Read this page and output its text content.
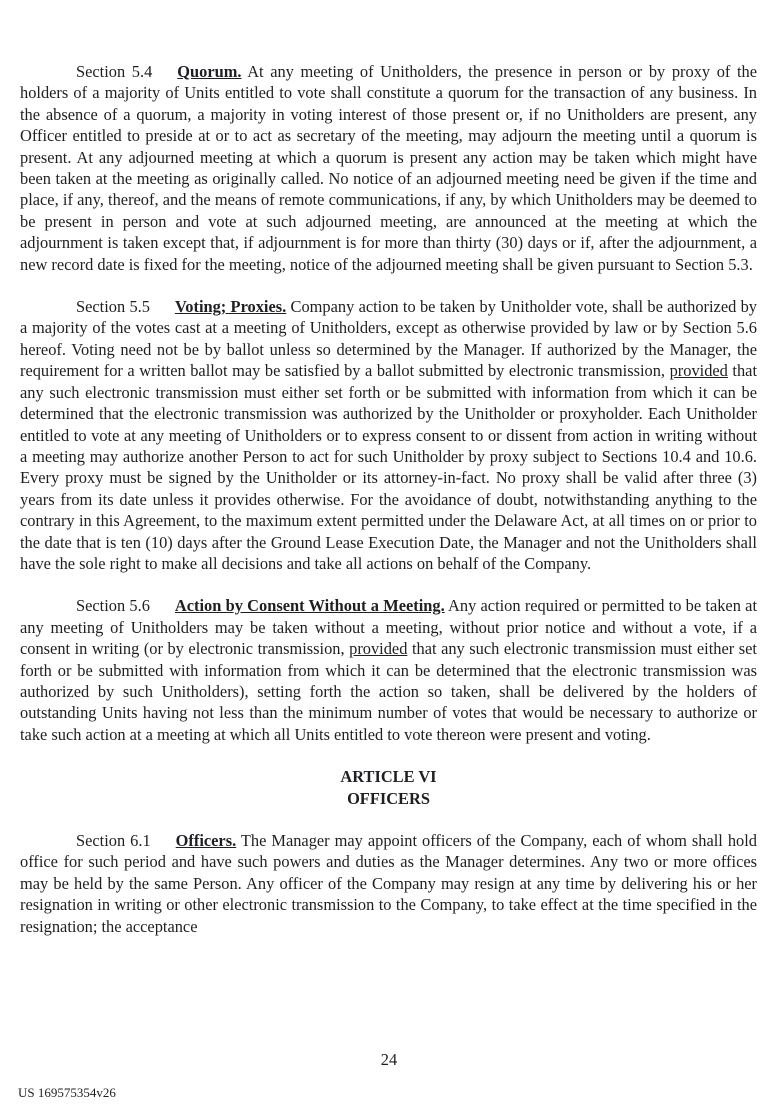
Section 5.4 Quorum. At any meeting of Unitholders, the presence in person or by proxy of the holders of a majority of Units entitled to vote shall constitute a quorum for the transaction of any business. In the absence of a quorum, a majority in voting interest of those present or, if no Unitholders are present, any Officer entitled to preside at or to act as secretary of the meeting, may adjourn the meeting until a quorum is present. At any adjourned meeting at which a quorum is present any action may be taken which might have been taken at the meeting as originally called. No notice of an adjourned meeting need be given if the time and place, if any, thereof, and the means of remote communications, if any, by which Unitholders may be deemed to be present in person and vote at such adjourned meeting, are announced at the meeting at which the adjournment is taken except that, if adjournment is for more than thirty (30) days or if, after the adjournment, a new record date is fixed for the meeting, notice of the adjourned meeting shall be given pursuant to Section 5.3.

Section 5.5 Voting; Proxies. Company action to be taken by Unitholder vote, shall be authorized by a majority of the votes cast at a meeting of Unitholders, except as otherwise provided by law or by Section 5.6 hereof. Voting need not be by ballot unless so determined by the Manager. If authorized by the Manager, the requirement for a written ballot may be satisfied by a ballot submitted by electronic transmission, provided that any such electronic transmission must either set forth or be submitted with information from which it can be determined that the electronic transmission was authorized by the Unitholder or proxyholder. Each Unitholder entitled to vote at any meeting of Unitholders or to express consent to or dissent from action in writing without a meeting may authorize another Person to act for such Unitholder by proxy subject to Sections 10.4 and 10.6. Every proxy must be signed by the Unitholder or its attorney-in-fact. No proxy shall be valid after three (3) years from its date unless it provides otherwise. For the avoidance of doubt, notwithstanding anything to the contrary in this Agreement, to the maximum extent permitted under the Delaware Act, at all times on or prior to the date that is ten (10) days after the Ground Lease Execution Date, the Manager and not the Unitholders shall have the sole right to make all decisions and take all actions on behalf of the Company.

Section 5.6 Action by Consent Without a Meeting. Any action required or permitted to be taken at any meeting of Unitholders may be taken without a meeting, without prior notice and without a vote, if a consent in writing (or by electronic transmission, provided that any such electronic transmission must either set forth or be submitted with information from which it can be determined that the electronic transmission was authorized by such Unitholders), setting forth the action so taken, shall be delivered by the holders of outstanding Units having not less than the minimum number of votes that would be necessary to authorize or take such action at a meeting at which all Units entitled to vote thereon were present and voting.

ARTICLE VI
OFFICERS

Section 6.1 Officers. The Manager may appoint officers of the Company, each of whom shall hold office for such period and have such powers and duties as the Manager determines. Any two or more offices may be held by the same Person. Any officer of the Company may resign at any time by delivering his or her resignation in writing or other electronic transmission to the Company, to take effect at the time specified in the resignation; the acceptance

24
US 169575354v26
